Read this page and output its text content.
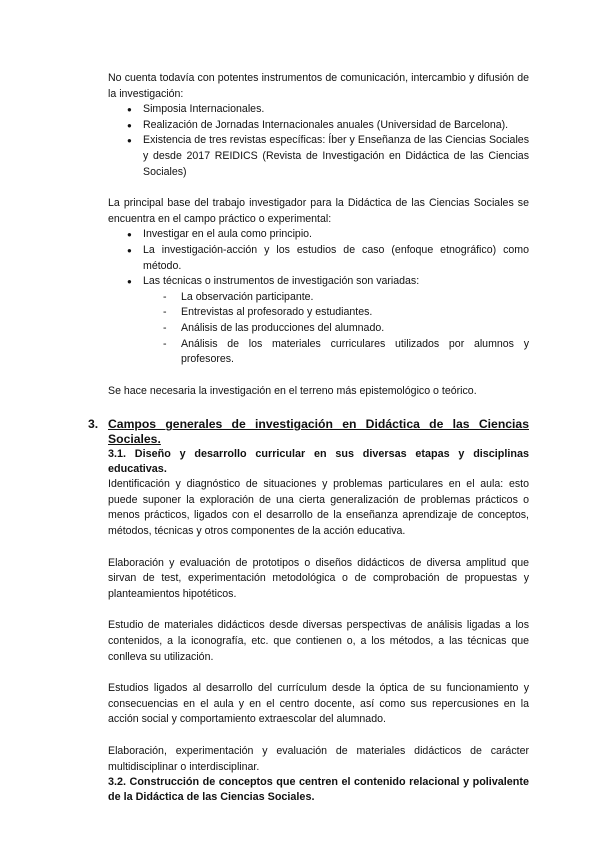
No cuenta todavía con potentes instrumentos de comunicación, intercambio y difusión de la investigación:

● Simposia Internacionales.
● Realización de Jornadas Internacionales anuales (Universidad de Barcelona).
● Existencia de tres revistas específicas: Íber y Enseñanza de las Ciencias Sociales y desde 2017 REIDICS (Revista de Investigación en Didáctica de las Ciencias Sociales)

La principal base del trabajo investigador para la Didáctica de las Ciencias Sociales se encuentra en el campo práctico o experimental:

● Investigar en el aula como principio.
● La investigación-acción y los estudios de caso (enfoque etnográfico) como método.
● Las técnicas o instrumentos de investigación son variadas:
- La observación participante.
- Entrevistas al profesorado y estudiantes.
- Análisis de las producciones del alumnado.
- Análisis de los materiales curriculares utilizados por alumnos y profesores.

Se hace necesaria la investigación en el terreno más epistemológico o teórico.

3. Campos generales de investigación en Didáctica de las Ciencias Sociales.
3.1. Diseño y desarrollo curricular en sus diversas etapas y disciplinas educativas.

Identificación y diagnóstico de situaciones y problemas particulares en el aula: esto puede suponer la exploración de una cierta generalización de problemas prácticos o menos prácticos, ligados con el desarrollo de la enseñanza aprendizaje de conceptos, métodos, técnicas y otros componentes de la acción educativa.

Elaboración y evaluación de prototipos o diseños didácticos de diversa amplitud que sirvan de test, experimentación metodológica o de comprobación de propuestas y planteamientos hipotéticos.

Estudio de materiales didácticos desde diversas perspectivas de análisis ligadas a los contenidos, a la iconografía, etc. que contienen o, a los métodos, a las técnicas que conlleva su utilización.

Estudios ligados al desarrollo del currículum desde la óptica de su funcionamiento y consecuencias en el aula y en el centro docente, así como sus repercusiones en la acción social y comportamiento extraescolar del alumnado.

Elaboración, experimentación y evaluación de materiales didácticos de carácter multidisciplinar o interdisciplinar.

3.2. Construcción de conceptos que centren el contenido relacional y polivalente de la Didáctica de las Ciencias Sociales.
